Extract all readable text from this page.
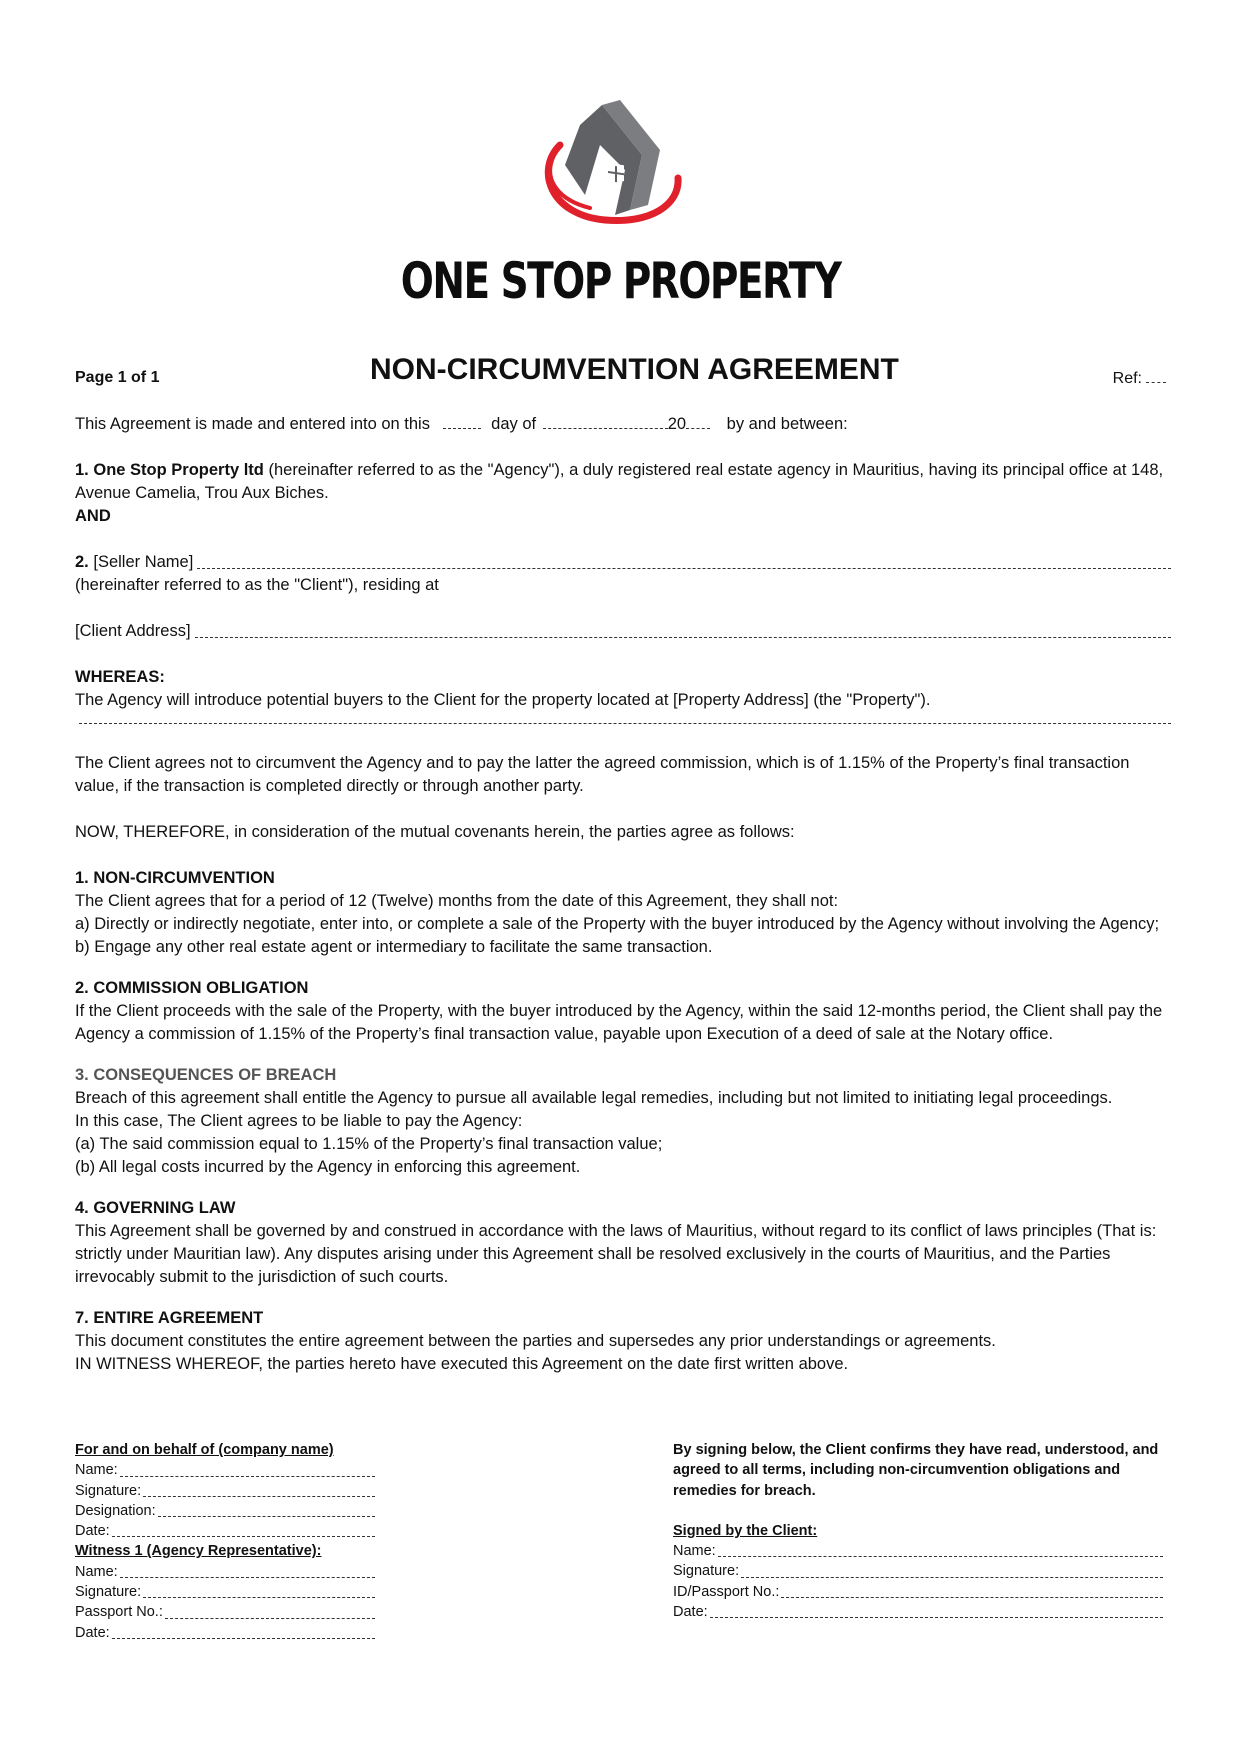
ONE STOP PROPERTY
Page 1 of 1	NON-CIRCUMVENTION AGREEMENT	Ref:

This Agreement is made and entered into on this	day of	20 by and between:

1. One Stop Property ltd (hereinafter referred to as the "Agency"), a duly registered real estate agency in Mauritius, having its principal office at 148, Avenue Camelia, Trou Aux Biches.
AND

2.
[Seller Name]
(hereinafter referred to as the "Client"), residing at
[Client Address]
WHEREAS:
The Agency will introduce potential buyers to the Client for the property located at [Property Address] (the "Property").

The Client agrees not to circumvent the Agency and to pay the latter the agreed commission, which is of 1.15% of the Property’s final transaction value, if the transaction is completed directly or through another party.

NOW, THEREFORE, in consideration of the mutual covenants herein, the parties agree as follows:

1. NON-CIRCUMVENTION
The Client agrees that for a period of 12 (Twelve) months from the date of this Agreement, they shall not:
a) Directly or indirectly negotiate, enter into, or complete a sale of the Property with the buyer introduced by the Agency without involving the Agency;
b) Engage any other real estate agent or intermediary to facilitate the same transaction.
2. COMMISSION OBLIGATION
If the Client proceeds with the sale of the Property, with the buyer introduced by the Agency, within the said 12-months period, the Client shall pay the Agency a commission of 1.15% of the Property’s final transaction value, payable upon Execution of a deed of sale at the Notary office.
3. CONSEQUENCES OF BREACH
Breach of this agreement shall entitle the Agency to pursue all available legal remedies, including but not limited to initiating legal proceedings.
In this case, The Client agrees to be liable to pay the Agency:
(a) The said commission equal to 1.15% of the Property’s final transaction value;
(b) All legal costs incurred by the Agency in enforcing this agreement.
4. GOVERNING LAW
This Agreement shall be governed by and construed in accordance with the laws of Mauritius, without regard to its conflict of laws principles (That is: strictly under Mauritian law). Any disputes arising under this Agreement shall be resolved exclusively in the courts of Mauritius, and the Parties irrevocably submit to the jurisdiction of such courts.
7. ENTIRE AGREEMENT
This document constitutes the entire agreement between the parties and supersedes any prior understandings or agreements.
IN WITNESS WHEREOF, the parties hereto have executed this Agreement on the date first written above.
For and on behalf of (company name)
Name:
Signature:
Designation:
Date:
Witness 1 (Agency Representative):
Name:
Signature:
Passport No.:
Date:
By signing below, the Client confirms they have read, understood, and agreed to all terms, including non-circumvention obligations and remedies for breach.
Signed by the Client:
Name:
Signature:
ID/Passport No.:
Date:
